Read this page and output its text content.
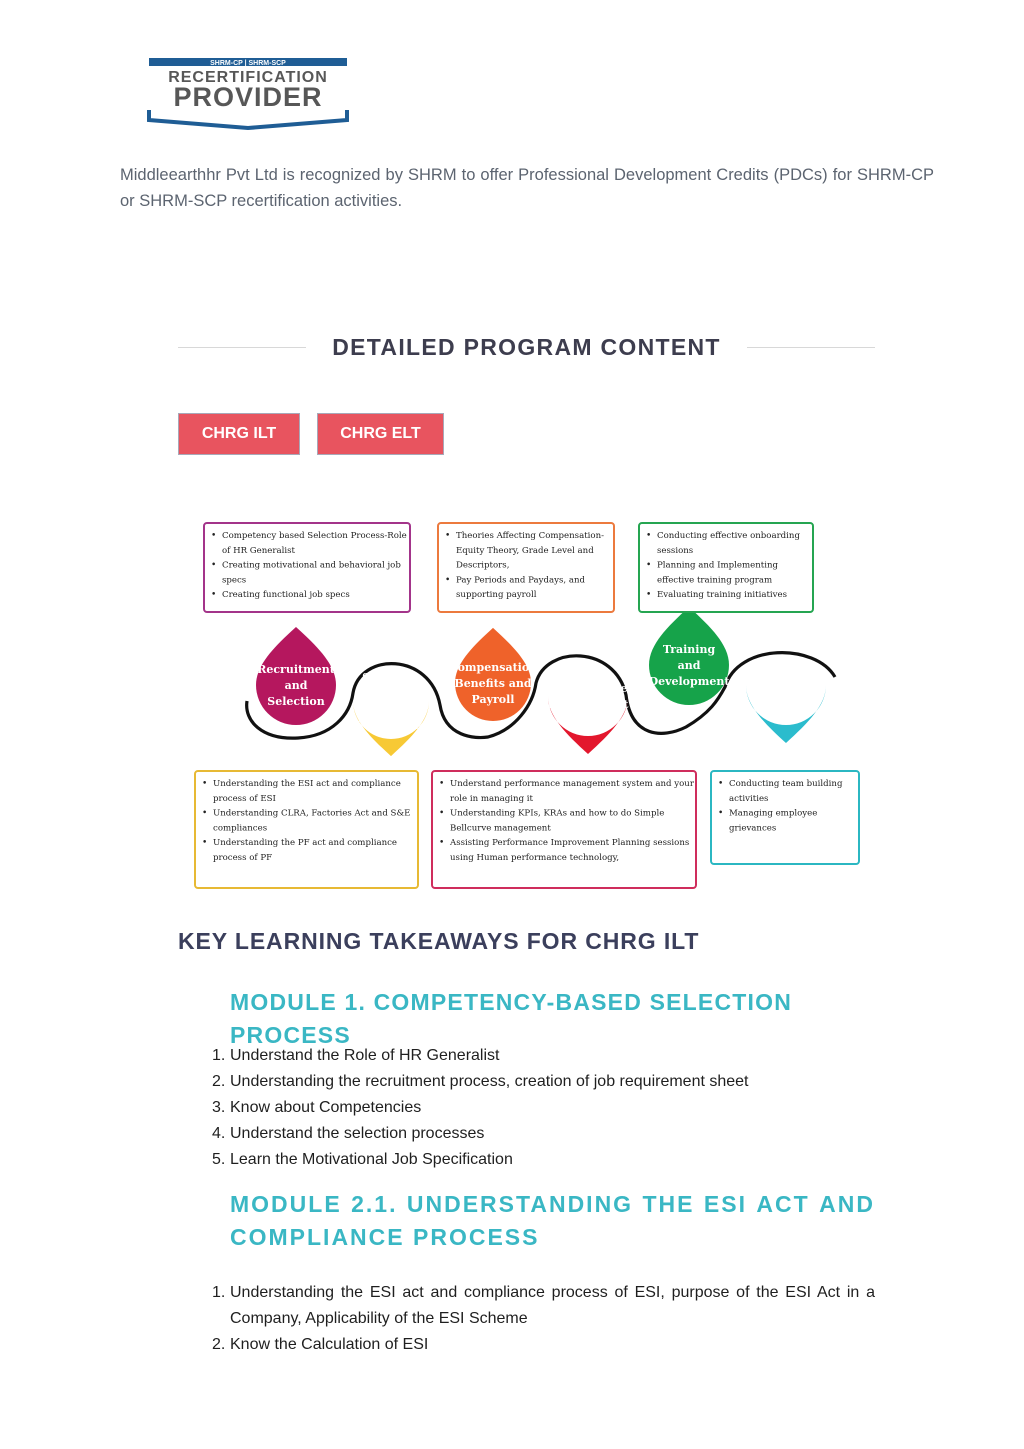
SHRM-CP | SHRM-SCP
RECERTIFICATION
PROVIDER

Middleearthhr Pvt Ltd is recognized by SHRM to offer Professional Development Credits (PDCs) for SHRM-CP or SHRM-SCP recertification activities.

DETAILED PROGRAM CONTENT
CHRG ILT	CHRG ELT
Recruitment
and
Selection
Statutory
and
Legal
Compliance
Compensation
Benefits and
Payroll
Performance
Management
Training
and
Development Engagement
• Competency based Selection Process-Role
of HR Generalist
• Creating motivational and behavioral job
specs
• Creating functional job specs
• Theories Affecting Compensation-
Equity Theory, Grade Level and
Descriptors,
• Pay Periods and Paydays, and
supporting payroll
• Conducting effective onboarding
sessions
• Planning and Implementing
effective training program
• Evaluating training initiatives
• Understanding the ESI act and compliance
process of ESI
• Understanding CLRA, Factories Act and S&E
compliances
• Understanding the PF act and compliance
process of PF
• Understand performance management system and your
role in managing it
• Understanding KPIs, KRAs and how to do Simple
Bellcurve management
• Assisting Performance Improvement Planning sessions
using Human performance technology,
• Conducting team building
activities
• Managing employee
grievances
KEY LEARNING TAKEAWAYS FOR CHRG ILT
MODULE 1. COMPETENCY-BASED SELECTION PROCESS
1. Understand the Role of HR Generalist
2. Understanding the recruitment process, creation of job requirement sheet
3. Know about Competencies
4. Understand the selection processes
5. Learn the Motivational Job Specification
MODULE 2.1. UNDERSTANDING THE ESI ACT AND
COMPLIANCE PROCESS
1. Understanding the ESI act and compliance process of ESI, purpose of the ESI Act in a Company, Applicability of the ESI Scheme
2. Know the Calculation of ESI
